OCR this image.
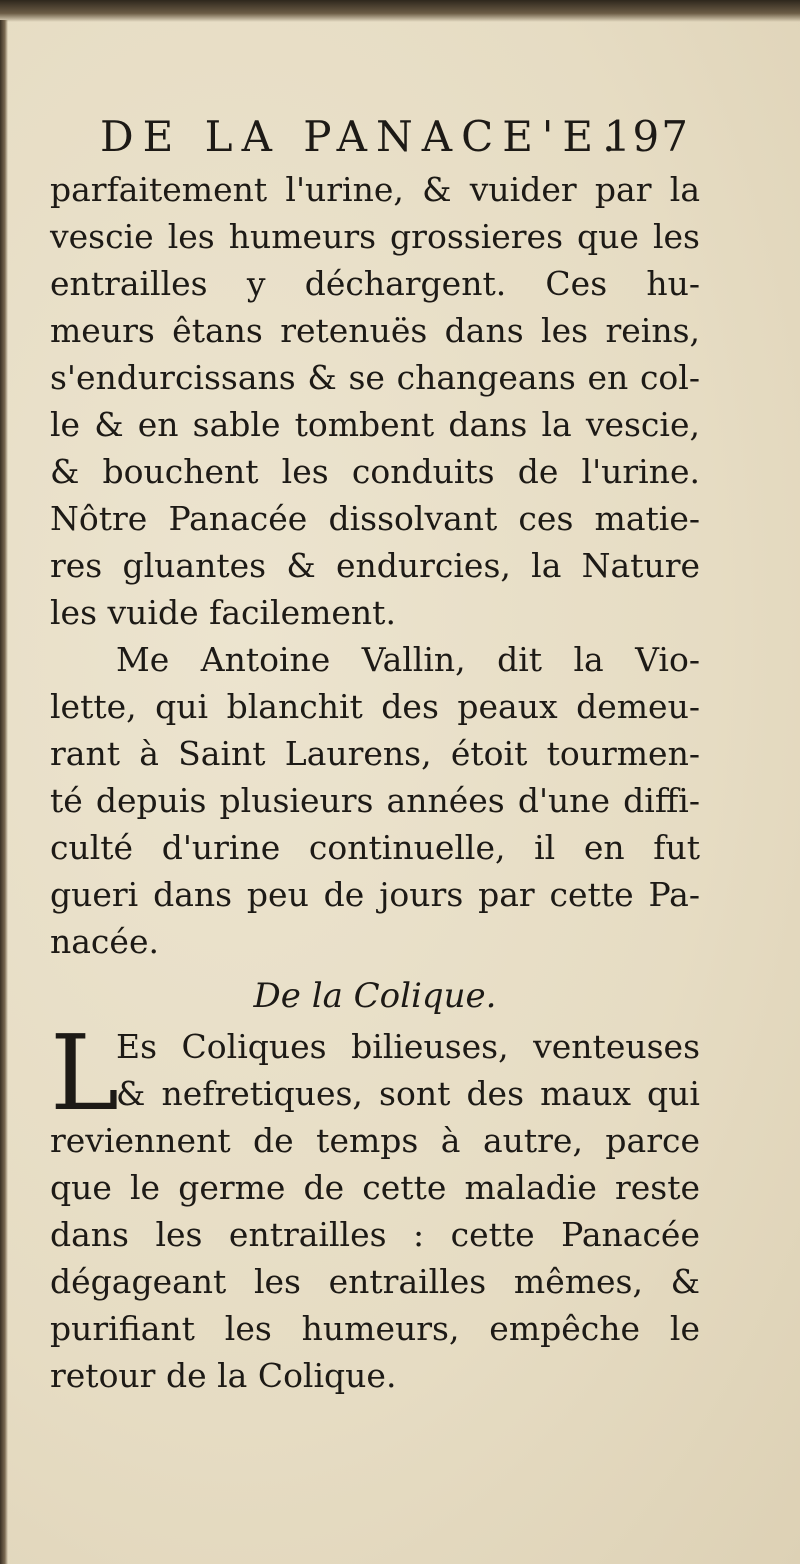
DE LA PANACE'E.
197
parfaitement l'urine, & vuider par la
vescie les humeurs grossieres que les
entrailles y déchargent. Ces hu-
meurs êtans retenuës dans les reins,
s'endurcissans & se changeans en col-
le & en sable tombent dans la vescie,
& bouchent les conduits de l'urine.
Nôtre Panacée dissolvant ces matie-
res gluantes & endurcies, la Nature
les vuide facilement.
Me Antoine Vallin, dit la Vio-
lette, qui blanchit des peaux demeu-
rant à Saint Laurens, étoit tourmen-
té depuis plusieurs années d'une diffi-
culté d'urine continuelle, il en fut
gueri dans peu de jours par cette Pa-
nacée.
De la Colique.
L
Es Coliques bilieuses, venteuses
& nefretiques, sont des maux qui
reviennent de temps à autre, parce
que le germe de cette maladie reste
dans les entrailles : cette Panacée
dégageant les entrailles mêmes, &
purifiant les humeurs, empêche le
retour de la Colique.
